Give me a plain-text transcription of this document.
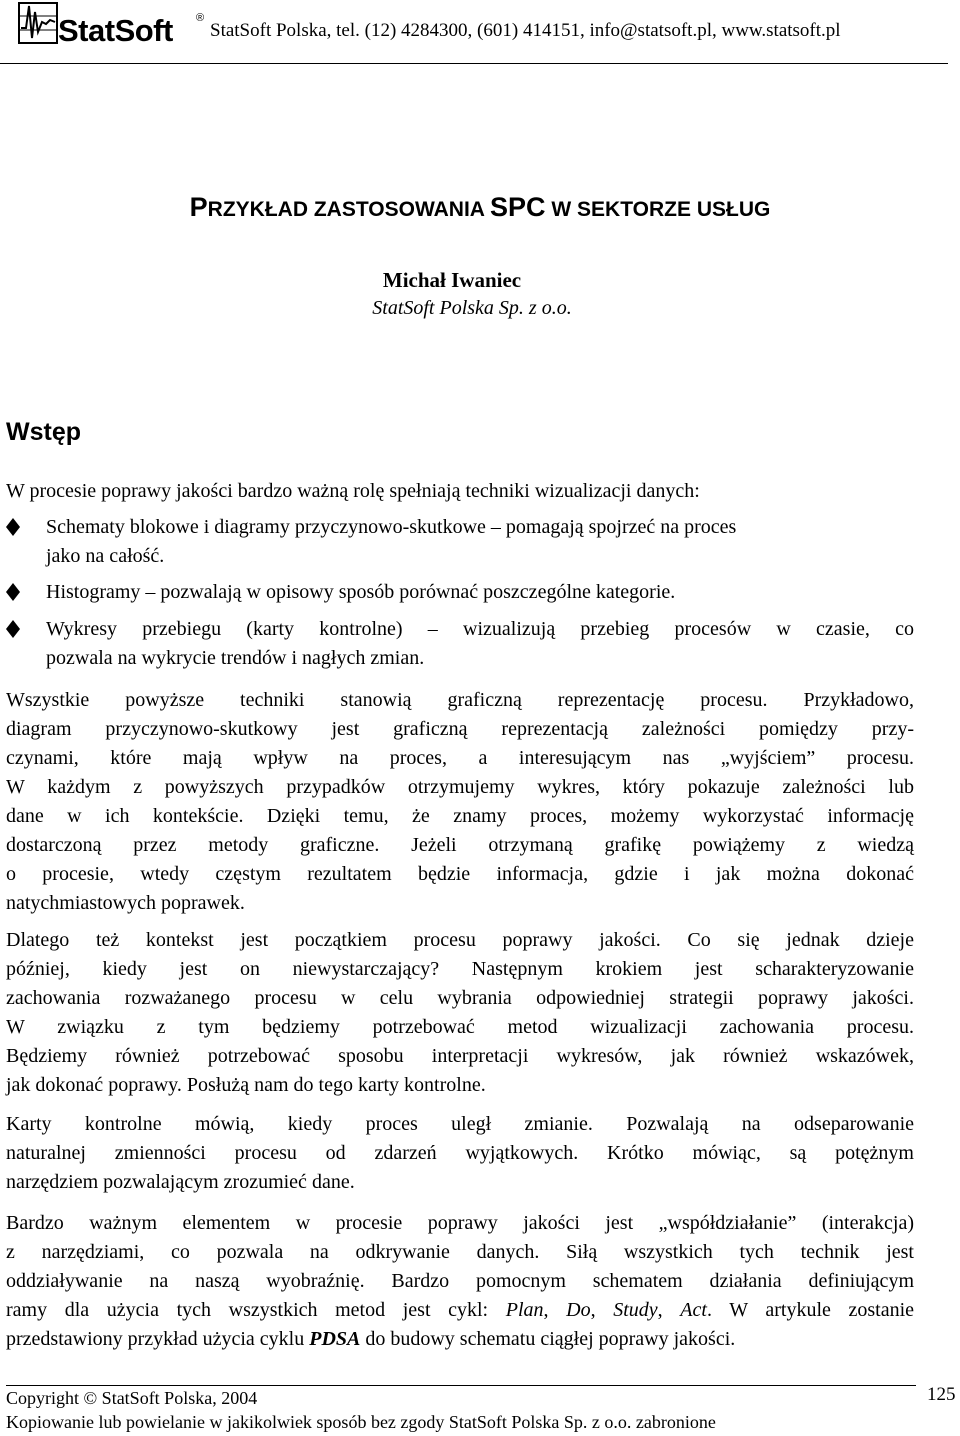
StatSoft ®
StatSoft Polska, tel. (12) 4284300, (601) 414151, info@statsoft.pl, www.statsoft.pl
PRZYKŁAD ZASTOSOWANIA SPC W SEKTORZE USŁUG
Michał Iwaniec
StatSoft Polska Sp. z o.o.
Wstęp
W procesie poprawy jakości bardzo ważną rolę spełniają techniki wizualizacji danych:
Schematy blokowe i diagramy przyczynowo-skutkowe – pomagają spojrzeć na proces
jako na całość.
Histogramy – pozwalają w opisowy sposób porównać poszczególne kategorie.
Wykresy przebiegu (karty kontrolne) – wizualizują przebieg procesów w czasie, co
pozwala na wykrycie trendów i nagłych zmian.
Wszystkie powyższe techniki stanowią graficzną reprezentację procesu. Przykładowo,
diagram przyczynowo-skutkowy jest graficzną reprezentacją zależności pomiędzy przy-
czynami, które mają wpływ na proces, a interesującym nas „wyjściem” procesu.
W każdym z powyższych przypadków otrzymujemy wykres, który pokazuje zależności lub
dane w ich kontekście. Dzięki temu, że znamy proces, możemy wykorzystać informację
dostarczoną przez metody graficzne. Jeżeli otrzymaną grafikę powiążemy z wiedzą
o procesie, wtedy częstym rezultatem będzie informacja, gdzie i jak można dokonać
natychmiastowych poprawek.
Dlatego też kontekst jest początkiem procesu poprawy jakości. Co się jednak dzieje
później, kiedy jest on niewystarczający? Następnym krokiem jest scharakteryzowanie
zachowania rozważanego procesu w celu wybrania odpowiedniej strategii poprawy jakości.
W związku z tym będziemy potrzebować metod wizualizacji zachowania procesu.
Będziemy również potrzebować sposobu interpretacji wykresów, jak również wskazówek,
jak dokonać poprawy. Posłużą nam do tego karty kontrolne.
Karty kontrolne mówią, kiedy proces uległ zmianie. Pozwalają na odseparowanie
naturalnej zmienności procesu od zdarzeń wyjątkowych. Krótko mówiąc, są potężnym
narzędziem pozwalającym zrozumieć dane.
Bardzo ważnym elementem w procesie poprawy jakości jest „współdziałanie” (interakcja)
z narzędziami, co pozwala na odkrywanie danych. Siłą wszystkich tych technik jest
oddziaływanie na naszą wyobraźnię. Bardzo pomocnym schematem działania definiującym
ramy dla użycia tych wszystkich metod jest cykl: Plan, Do, Study, Act. W artykule zostanie
przedstawiony przykład użycia cyklu PDSA do budowy schematu ciągłej poprawy jakości.
125
Copyright © StatSoft Polska, 2004
Kopiowanie lub powielanie w jakikolwiek sposób bez zgody StatSoft Polska Sp. z o.o. zabronione
